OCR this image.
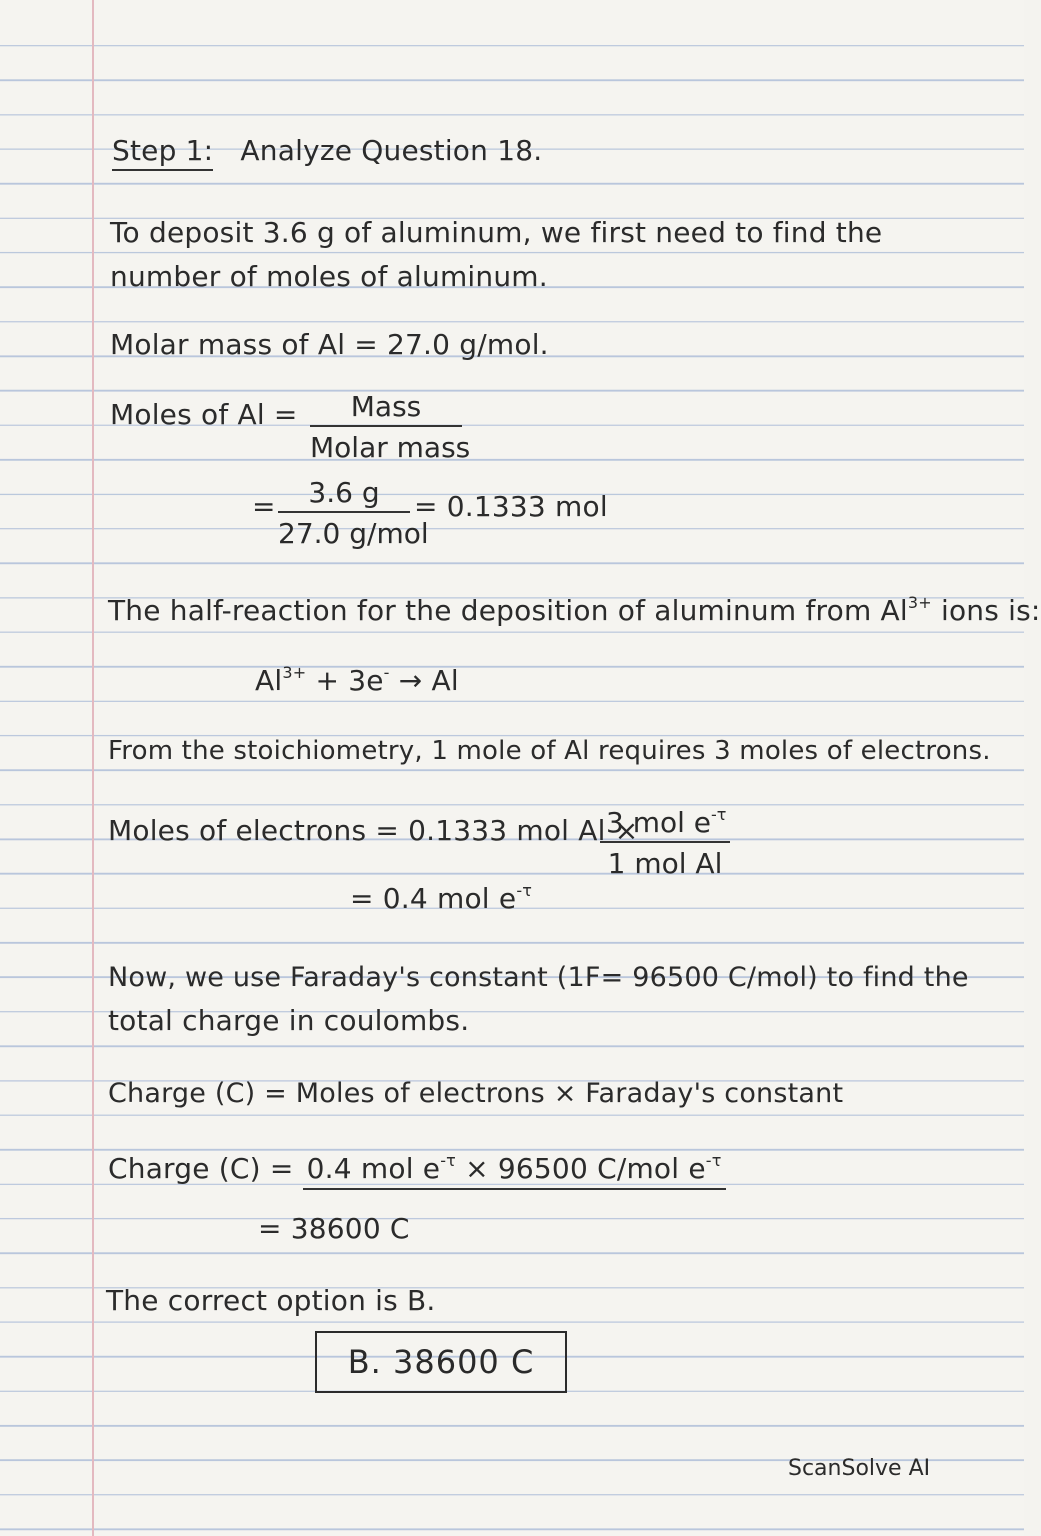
Step 1: Analyze Question 18.
To deposit 3.6 g of aluminum, we first need to find the
number of moles of aluminum.
Molar mass of Al = 27.0 g/mol.
Moles of Al =	Mass
Molar mass
=	3.6 g
27.0 g/mol
= 0.1333 mol
The half-reaction for the deposition of aluminum from $Al^{3+}$ ions is:
$Al^{3+} + 3e^- \to Al$
From the stoichiometry, 1 mole of Al requires 3 moles of electrons.
Moles of electrons = 0.1333 mol Al ×
3 mol $e^{-\tau}$
1 mol Al
= 0.4 mol $e^{-\tau}$
Now, we use Faraday's constant (1F= 96500 C/mol) to find the
total charge in coulombs.
Charge (C) = Moles of electrons × Faraday's constant
Charge (C) = 0.4 mol $e^{-\tau} \times 96500$ C/mol $e^{-\tau}$
= 38600 C
The correct option is B.
B. 38600 C
ScanSolve AI
